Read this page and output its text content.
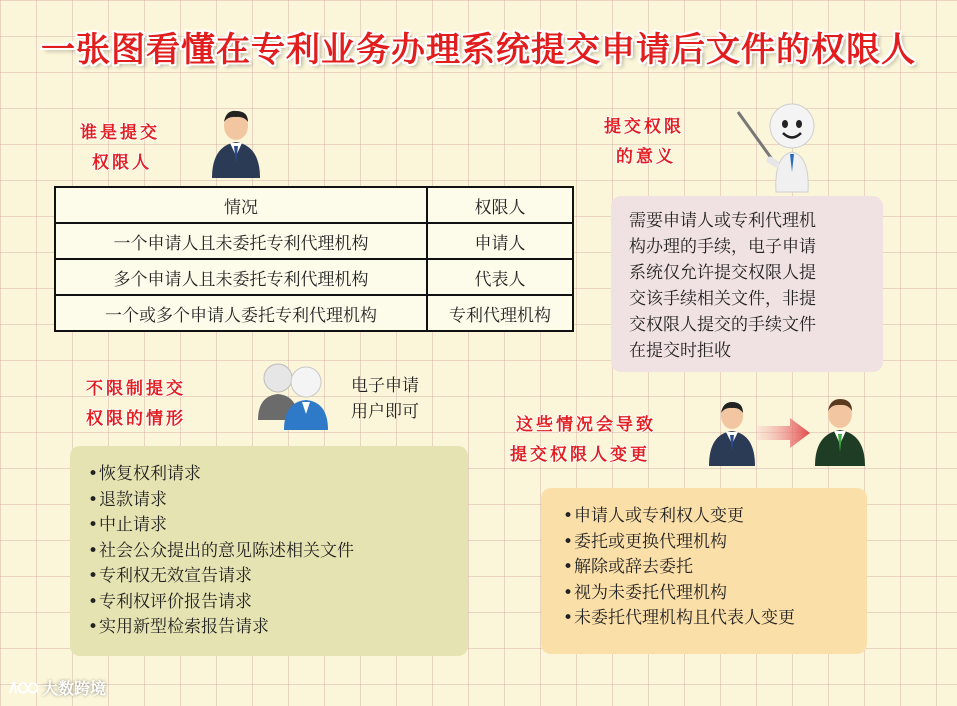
一张图看懂在专利业务办理系统提交申请后文件的权限人
谁是提交
权限人
情况	权限人
一个申请人且未委托专利代理机构	申请人
多个申请人且未委托专利代理机构	代表人
一个或多个申请人委托专利代理机构	专利代理机构
提交权限
的意义
需要申请人或专利代理机
构办理的手续，电子申请
系统仅允许提交权限人提
交该手续相关文件，非提
交权限人提交的手续文件
在提交时拒收
不限制提交
权限的情形
电子申请
用户即可
• 恢复权利请求
• 退款请求
• 中止请求
• 社会公众提出的意见陈述相关文件
• 专利权无效宣告请求
• 专利权评价报告请求
• 实用新型检索报告请求
这些情况会导致
提交权限人变更
• 申请人或专利权人变更
• 委托或更换代理机构
• 解除或辞去委托
• 视为未委托代理机构
• 未委托代理机构且代表人变更
大数跨境
